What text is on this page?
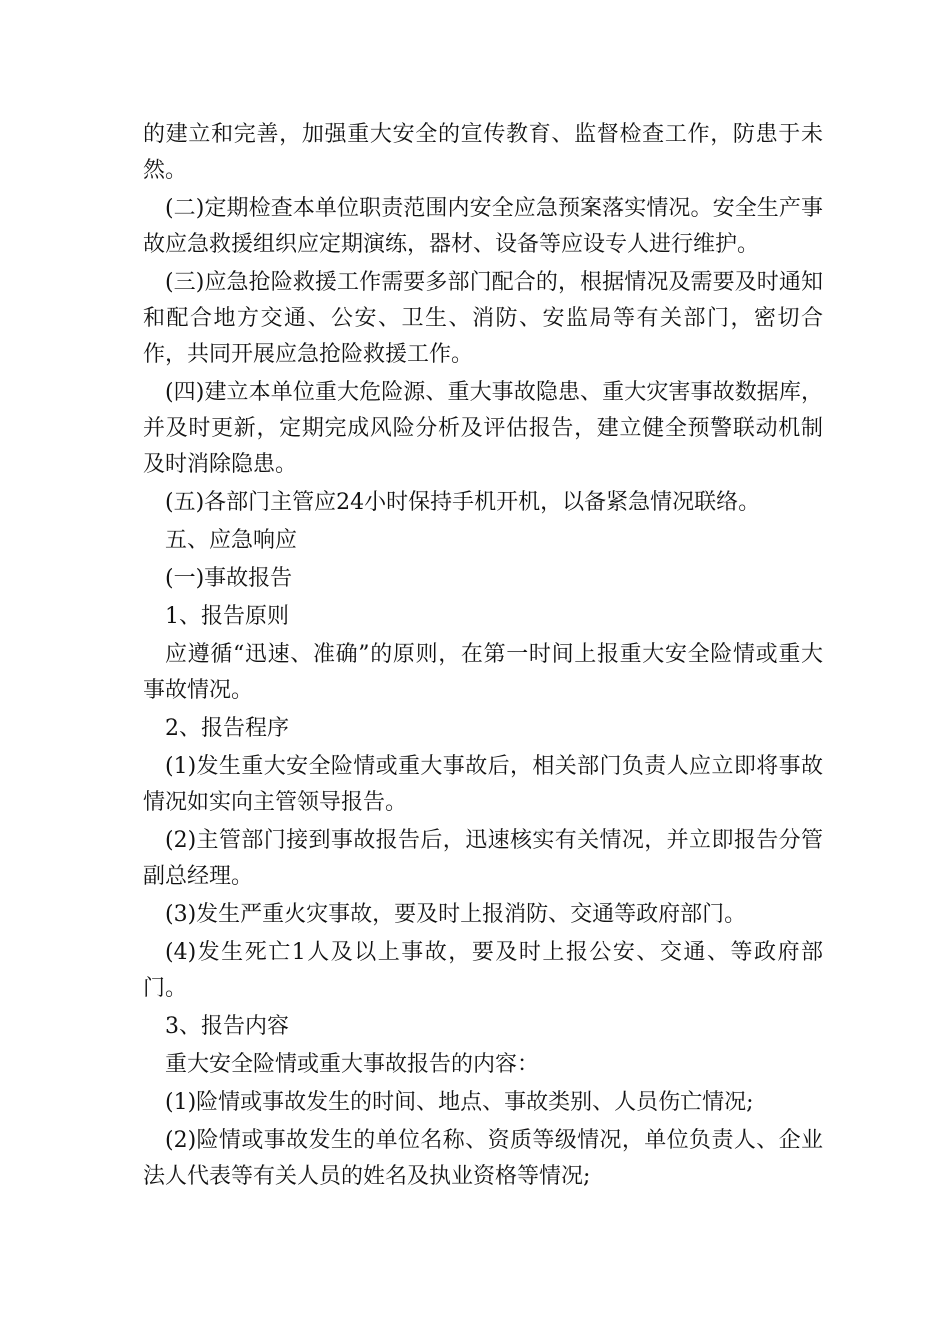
的建立和完善，加强重大安全的宣传教育、监督检查工作，防患于未然。

(二)定期检查本单位职责范围内安全应急预案落实情况。安全生产事故应急救援组织应定期演练，器材、设备等应设专人进行维护。

(三)应急抢险救援工作需要多部门配合的，根据情况及需要及时通知和配合地方交通、公安、卫生、消防、安监局等有关部门，密切合作，共同开展应急抢险救援工作。

(四)建立本单位重大危险源、重大事故隐患、重大灾害事故数据库，并及时更新，定期完成风险分析及评估报告，建立健全预警联动机制及时消除隐患。

(五)各部门主管应24小时保持手机开机，以备紧急情况联络。

五、应急响应

(一)事故报告

1、报告原则

应遵循“迅速、准确”的原则，在第一时间上报重大安全险情或重大事故情况。

2、报告程序

(1)发生重大安全险情或重大事故后，相关部门负责人应立即将事故情况如实向主管领导报告。

(2)主管部门接到事故报告后，迅速核实有关情况，并立即报告分管副总经理。

(3)发生严重火灾事故，要及时上报消防、交通等政府部门。

(4)发生死亡1人及以上事故，要及时上报公安、交通、等政府部门。

3、报告内容

重大安全险情或重大事故报告的内容：

(1)险情或事故发生的时间、地点、事故类别、人员伤亡情况;

(2)险情或事故发生的单位名称、资质等级情况，单位负责人、企业法人代表等有关人员的姓名及执业资格等情况;
